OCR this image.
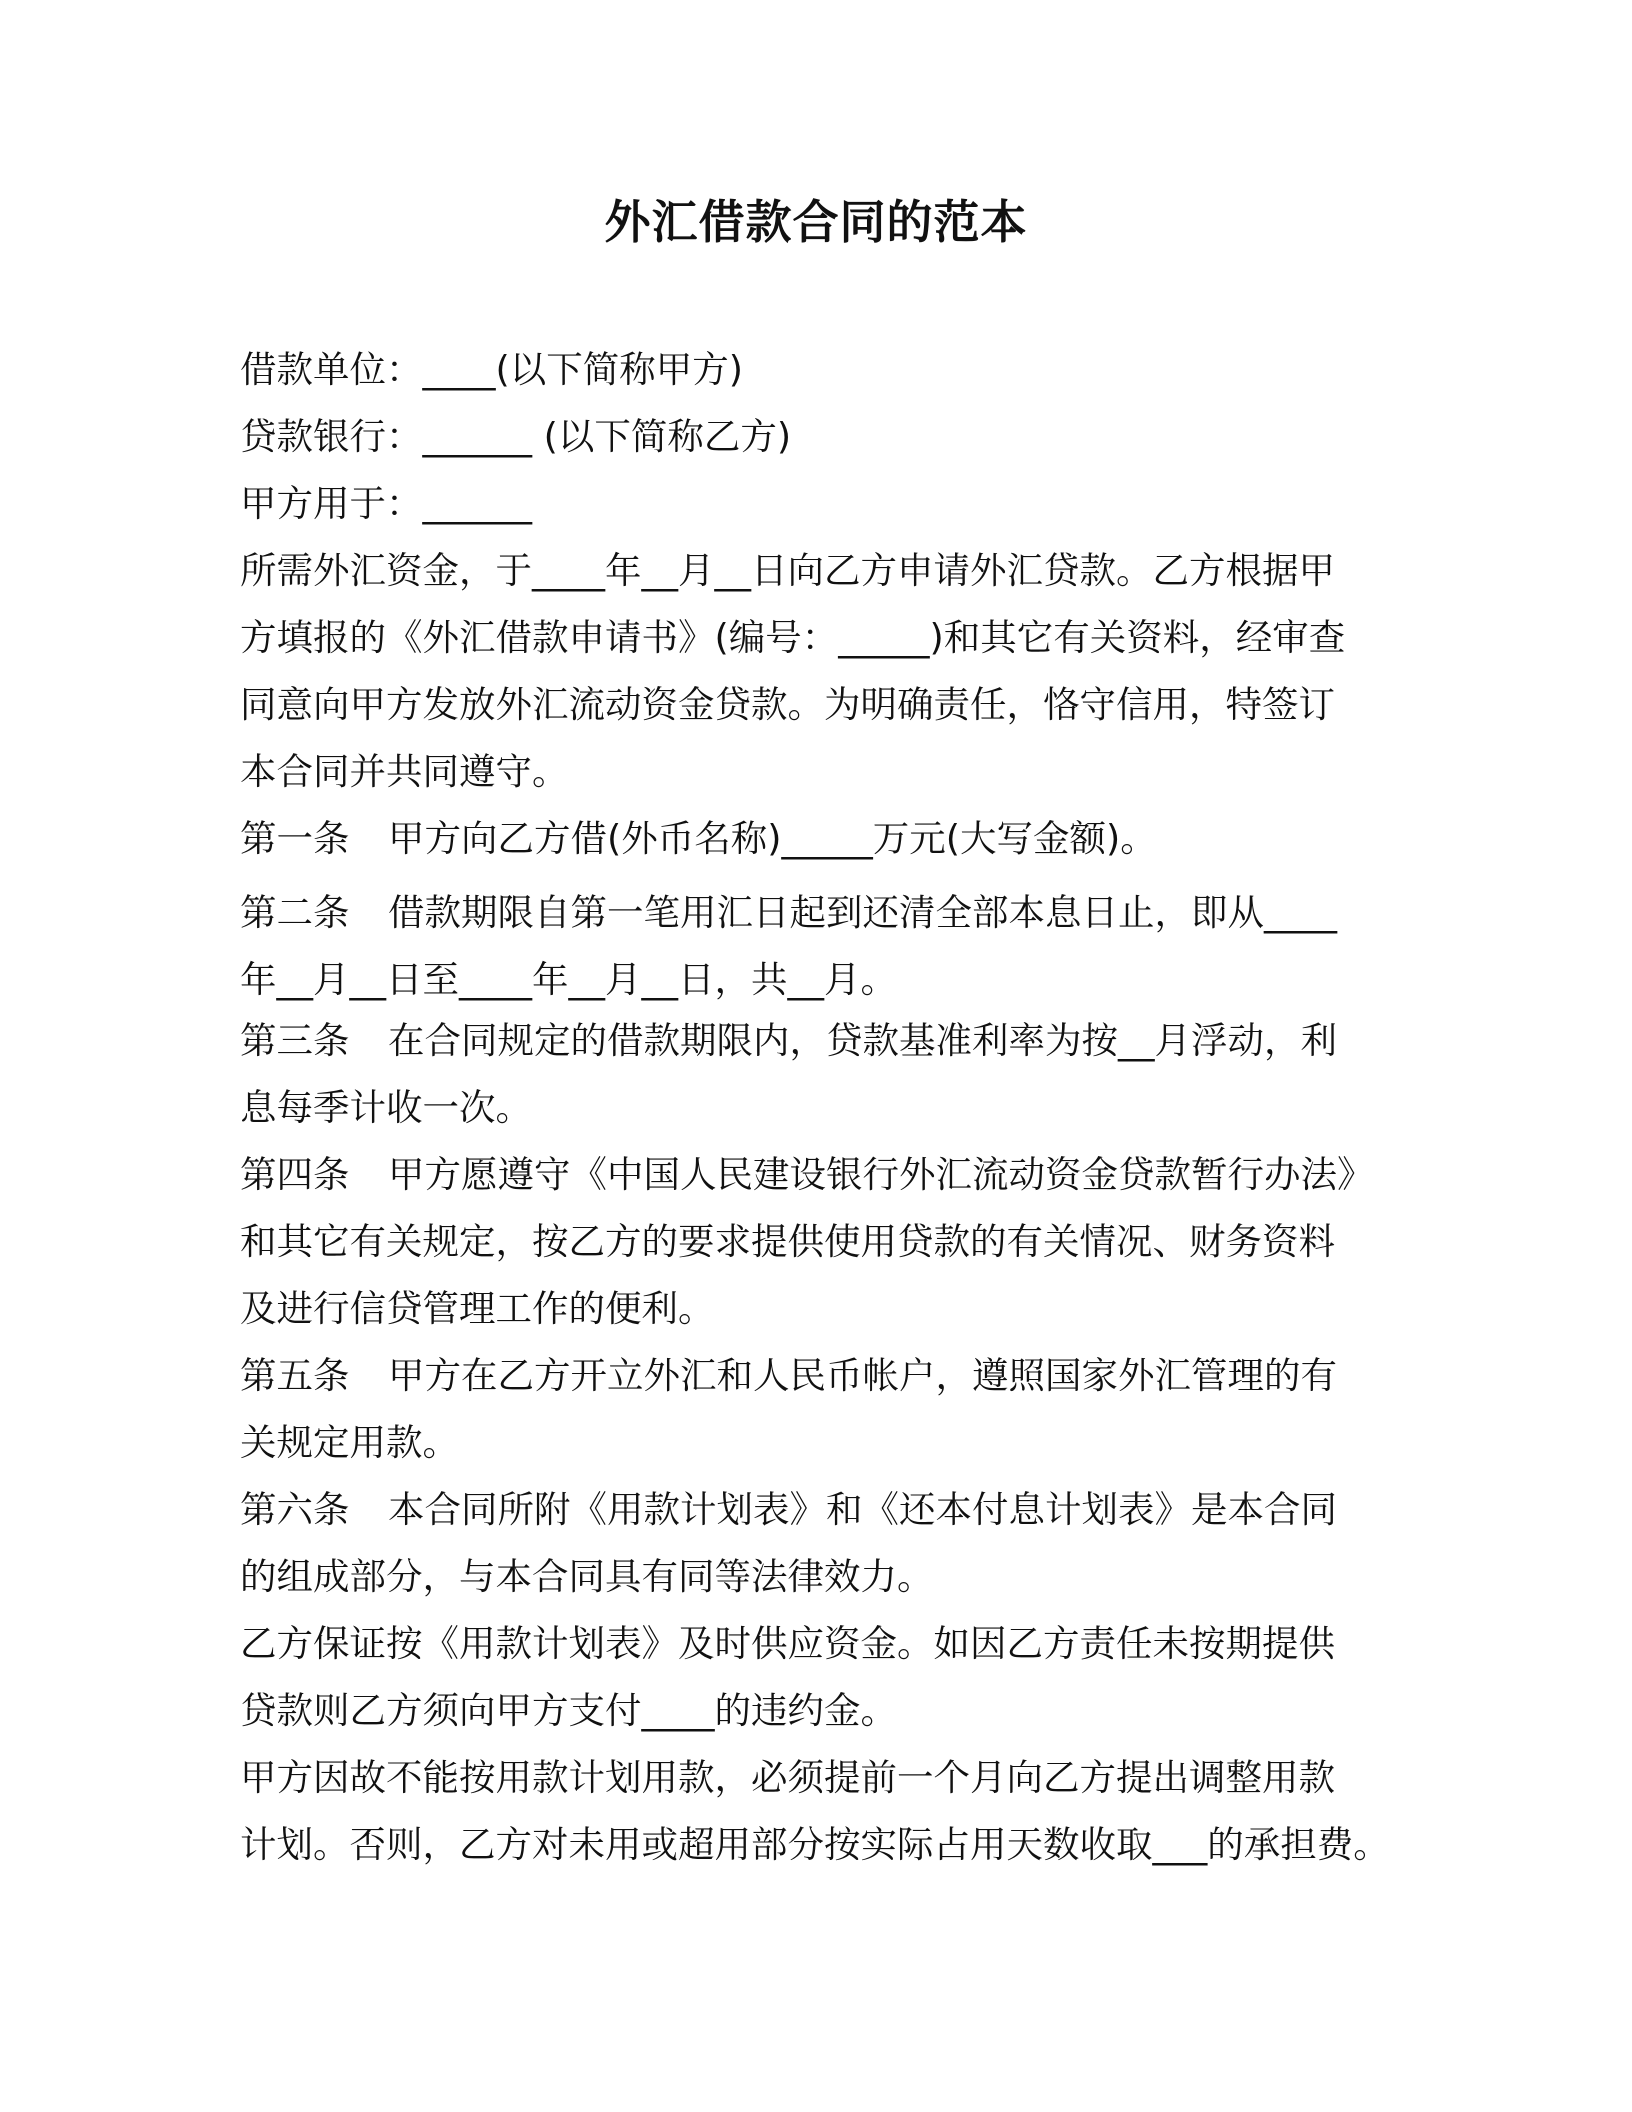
外汇借款合同的范本

借款单位：____(以下简称甲方)

贷款银行：______ (以下简称乙方)

甲方用于：______

所需外汇资金，于____年__月__日向乙方申请外汇贷款。乙方根据甲

方填报的《外汇借款申请书》(编号：_____)和其它有关资料，经审查

同意向甲方发放外汇流动资金贷款。为明确责任，恪守信用，特签订

本合同并共同遵守。

第一条 甲方向乙方借(外币名称)_____万元(大写金额)。

第二条 借款期限自第一笔用汇日起到还清全部本息日止，即从____

年__月__日至____年__月__日，共__月。

第三条 在合同规定的借款期限内，贷款基准利率为按__月浮动，利

息每季计收一次。

第四条 甲方愿遵守《中国人民建设银行外汇流动资金贷款暂行办法》

和其它有关规定，按乙方的要求提供使用贷款的有关情况、财务资料

及进行信贷管理工作的便利。

第五条 甲方在乙方开立外汇和人民币帐户，遵照国家外汇管理的有

关规定用款。

第六条 本合同所附《用款计划表》和《还本付息计划表》是本合同

的组成部分，与本合同具有同等法律效力。

乙方保证按《用款计划表》及时供应资金。如因乙方责任未按期提供

贷款则乙方须向甲方支付____的违约金。

甲方因故不能按用款计划用款，必须提前一个月向乙方提出调整用款

计划。否则，乙方对未用或超用部分按实际占用天数收取___的承担费。
